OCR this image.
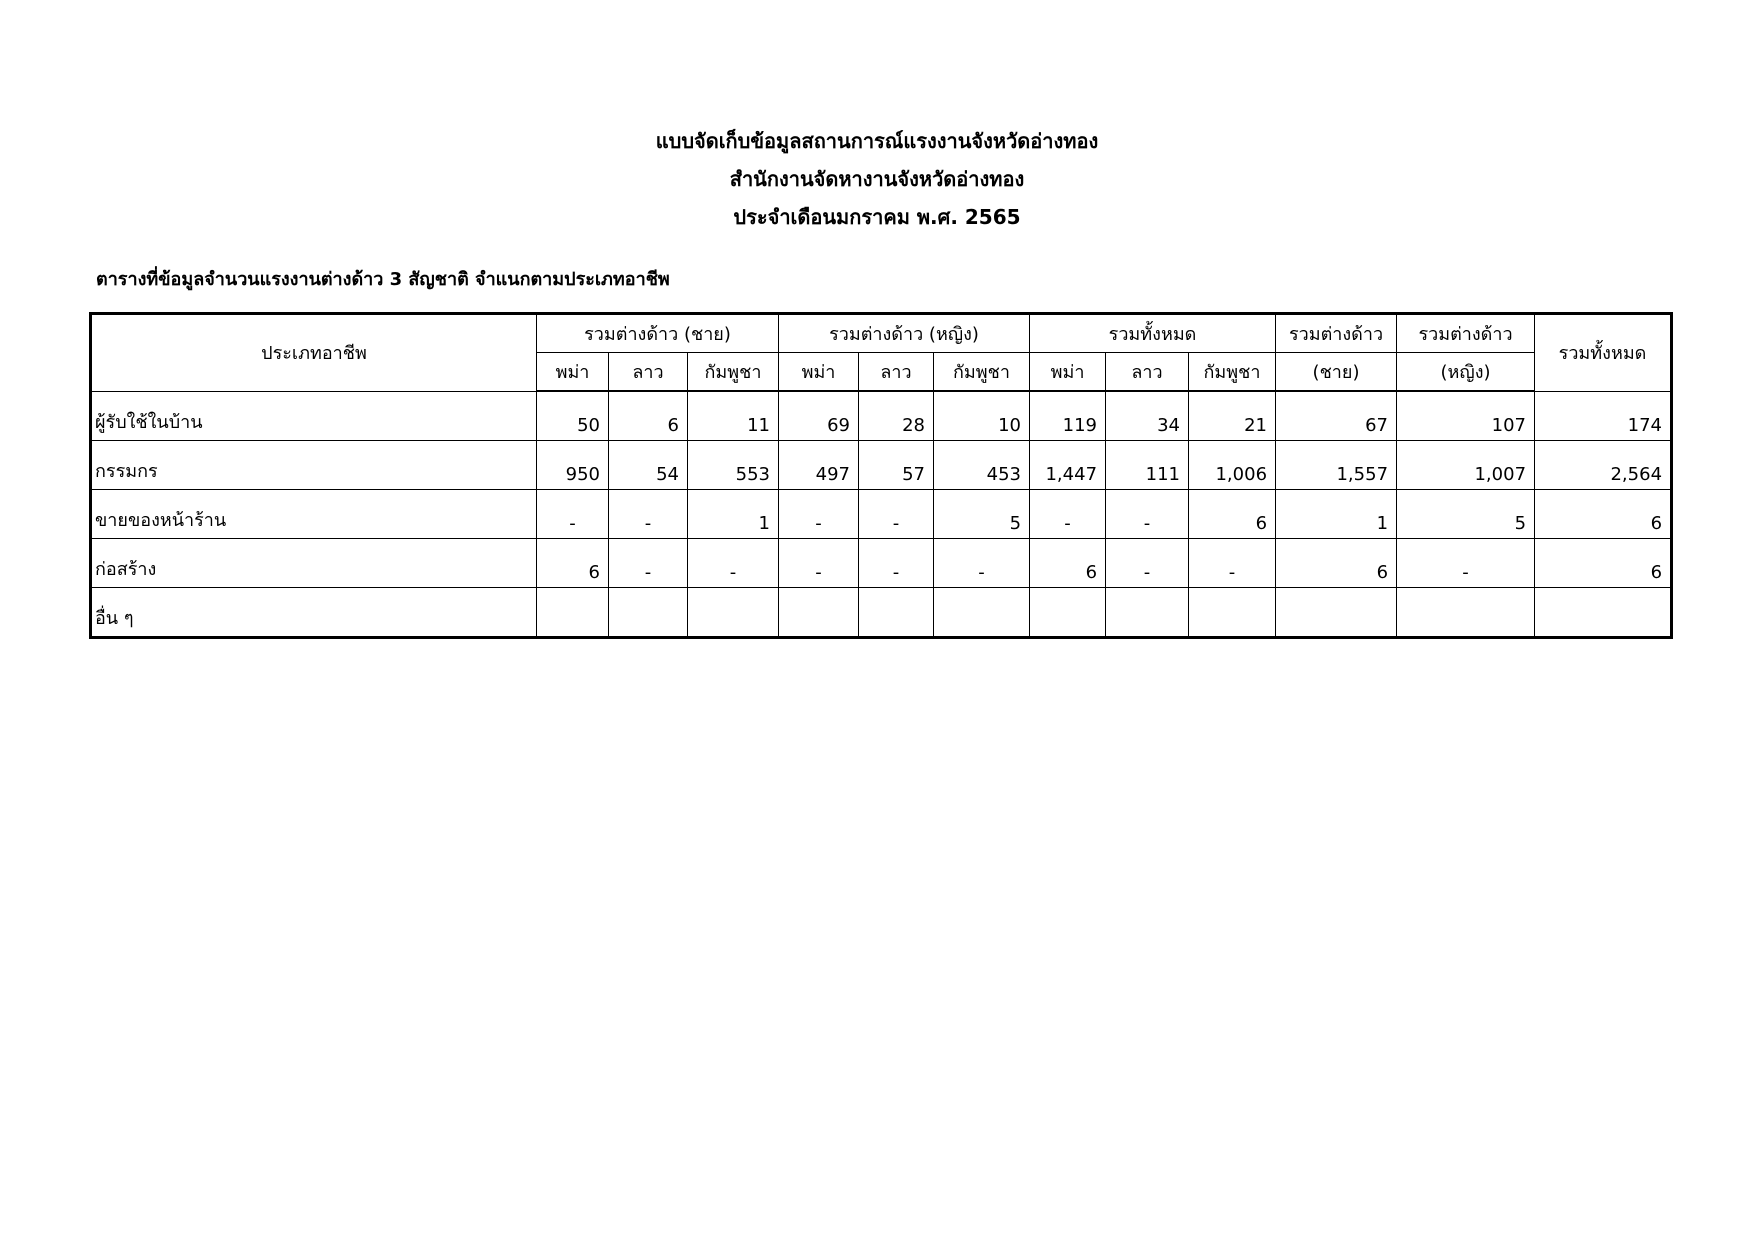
แบบจัดเก็บข้อมูลสถานการณ์แรงงานจังหวัดอ่างทอง
สำนักงานจัดหางานจังหวัดอ่างทอง
ประจำเดือนมกราคม พ.ศ. 2565
ตารางที่ข้อมูลจำนวนแรงงานต่างด้าว 3 สัญชาติ จำแนกตามประเภทอาชีพ
ประเภทอาชีพ	รวมต่างด้าว (ชาย)			รวมต่างด้าว (หญิง)			รวมทั้งหมด			รวมต่างด้าว	รวมต่างด้าว	รวมทั้งหมด
	พม่า	ลาว	กัมพูชา	พม่า	ลาว	กัมพูชา	พม่า	ลาว	กัมพูชา	(ชาย)	(หญิง)	
ผู้รับใช้ในบ้าน	50	6	11	69	28	10	119	34	21	67	107	174
กรรมกร	950	54	553	497	57	453	1,447	111	1,006	1,557	1,007	2,564
ขายของหน้าร้าน	-	-	1	-	-	5	-	-	6	1	5	6
ก่อสร้าง	6	-	-	-	-	-	6	-	-	6	-	6
อื่น ๆ												
